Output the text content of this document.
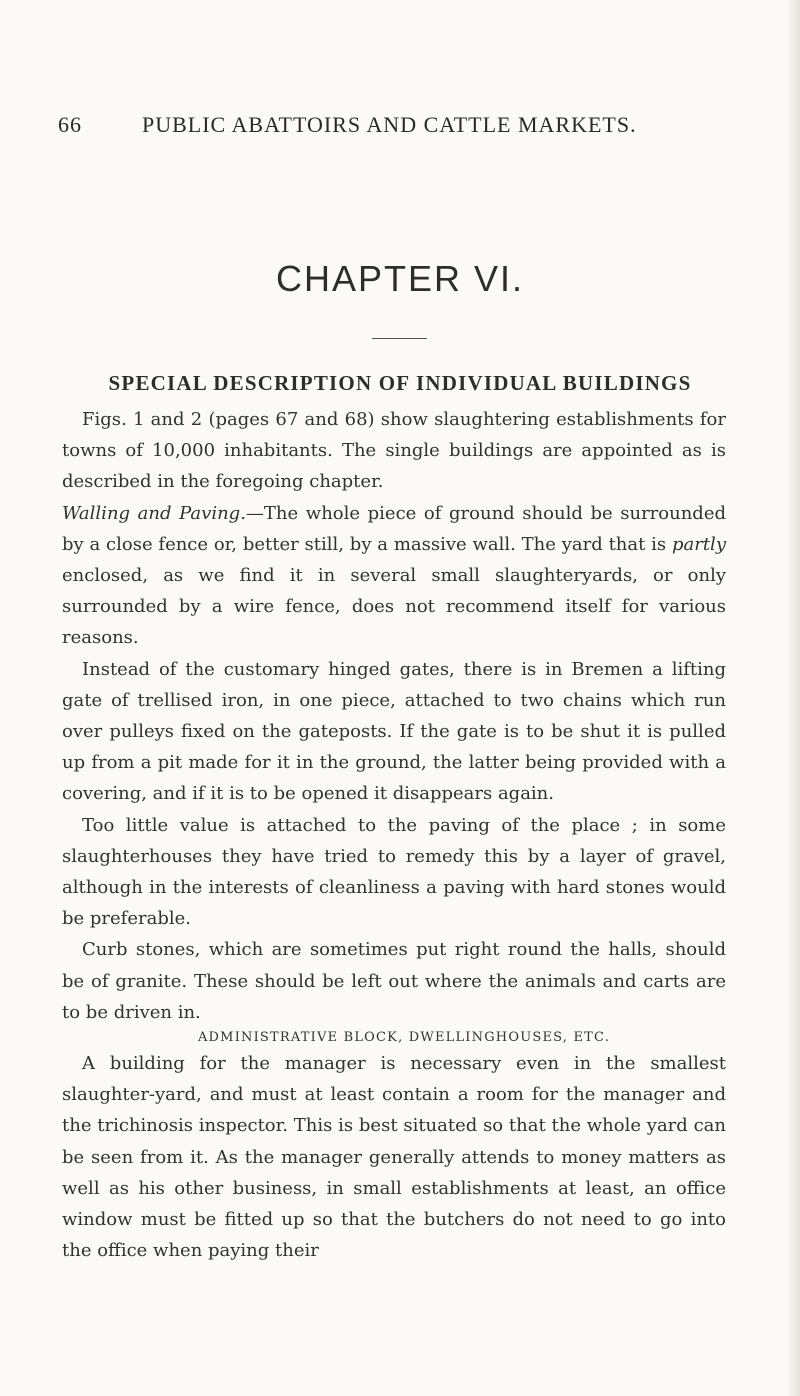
66	PUBLIC ABATTOIRS AND CATTLE MARKETS.
CHAPTER VI.
SPECIAL DESCRIPTION OF INDIVIDUAL BUILDINGS

Figs. 1 and 2 (pages 67 and 68) show slaughtering establishments for towns of 10,000 inhabitants. The single buildings are appointed as is described in the foregoing chapter.

Walling and Paving.—The whole piece of ground should be surrounded by a close fence or, better still, by a massive wall. The yard that is partly enclosed, as we find it in several small slaughteryards, or only surrounded by a wire fence, does not recommend itself for various reasons.

Instead of the customary hinged gates, there is in Bremen a lifting gate of trellised iron, in one piece, attached to two chains which run over pulleys fixed on the gateposts. If the gate is to be shut it is pulled up from a pit made for it in the ground, the latter being provided with a covering, and if it is to be opened it disappears again.

Too little value is attached to the paving of the place ; in some slaughterhouses they have tried to remedy this by a layer of gravel, although in the interests of cleanliness a paving with hard stones would be preferable.

Curb stones, which are sometimes put right round the halls, should be of granite. These should be left out where the animals and carts are to be driven in.

ADMINISTRATIVE BLOCK, DWELLINGHOUSES, ETC.

A building for the manager is necessary even in the smallest slaughter-yard, and must at least contain a room for the manager and the trichinosis inspector. This is best situated so that the whole yard can be seen from it. As the manager generally attends to money matters as well as his other business, in small establishments at least, an office window must be fitted up so that the butchers do not need to go into the office when paying their
